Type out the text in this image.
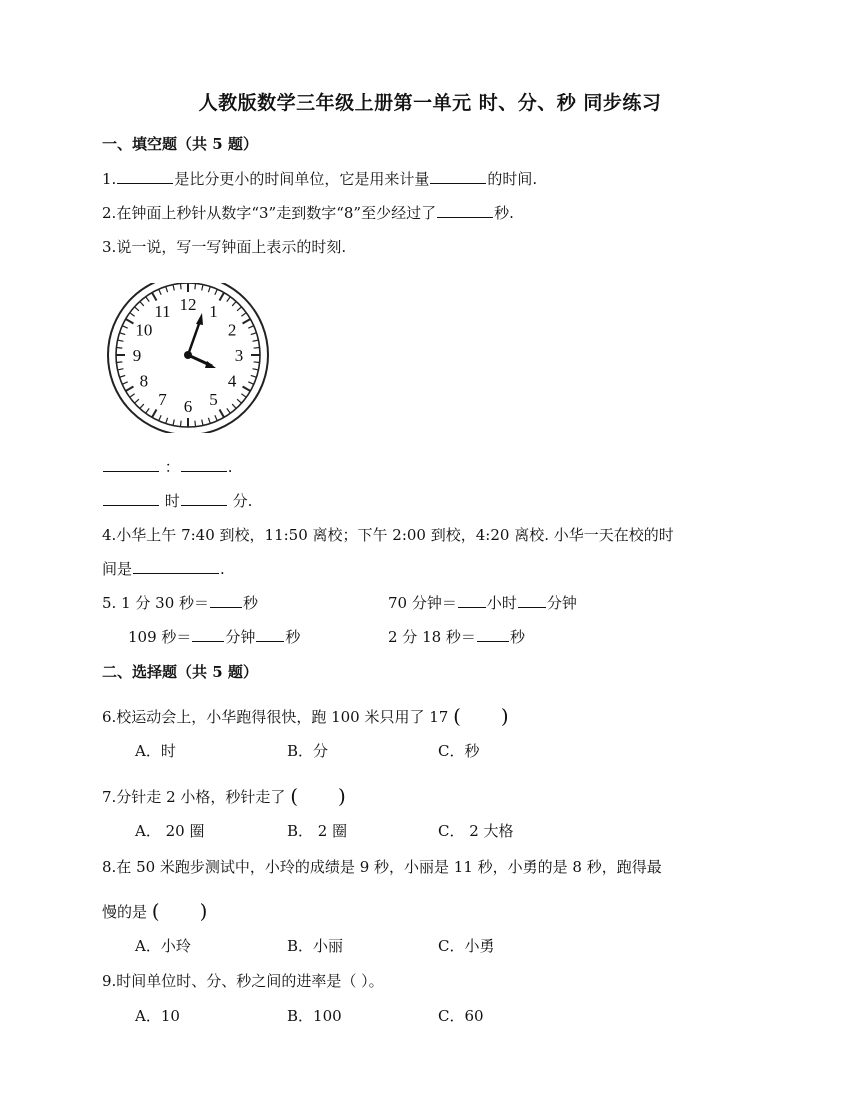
人教版数学三年级上册第一单元 时、分、秒 同步练习
一、填空题（共 5 题）
1.	是比分更小的时间单位，它是用来计量	的时间.
2.在钟面上秒针从数字“3”走到数字“8”至少经过了	秒.
3.说一说，写一写钟面上表示的时刻.
12 1
2
3
4
5
6
7
8
9
10
11
：	.
时	分.
4.小华上午 7:40 到校，11:50 离校；下午 2:00 到校，4:20 离校. 小华一天在校的时
间是	.
5. 1 分 30 秒＝ 秒	70 分钟＝ 小时 分钟
109 秒＝ 分钟 秒	2 分 18 秒＝ 秒
二、选择题（共 5 题）
6.校运动会上，小华跑得很快，跑 100 米只用了 17 (　　)
A．时	B．分	C．秒
7.分针走 2 小格，秒针走了 (　　)
A． 20 圈	B． 2 圈	C． 2 大格
8.在 50 米跑步测试中，小玲的成绩是 9 秒，小丽是 11 秒，小勇的是 8 秒，跑得最
慢的是 (　　)
A．小玲	B．小丽	C．小勇
9.时间单位时、分、秒之间的进率是（ ）。
A．10	B．100	C．60
